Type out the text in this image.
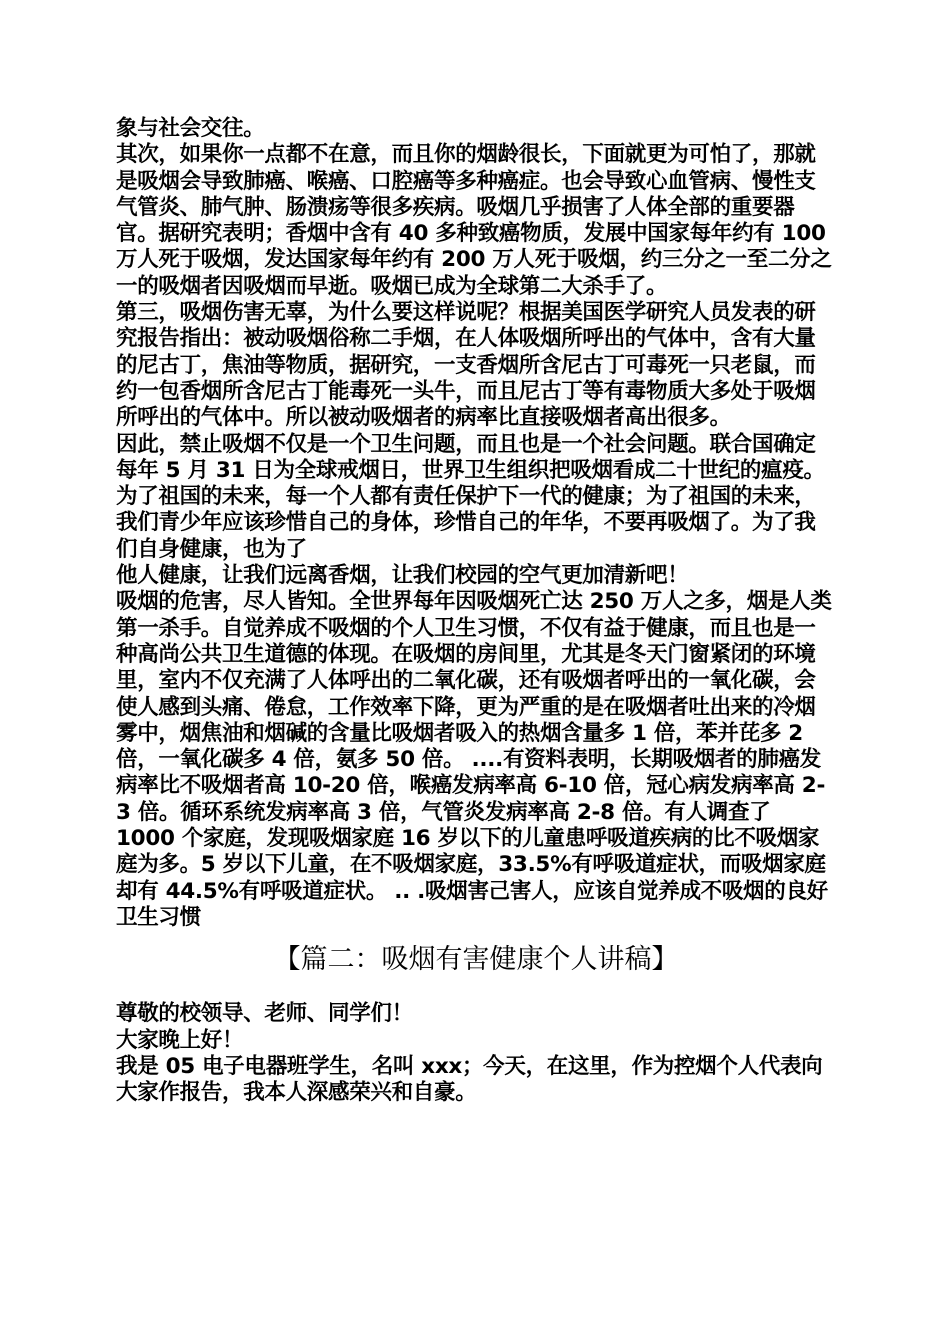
象与社会交往。

其次，如果你一点都不在意，而且你的烟龄很长，下面就更为可怕了，那就是吸烟会导致肺癌、喉癌、口腔癌等多种癌症。也会导致心血管病、慢性支气管炎、肺气肿、肠溃疡等很多疾病。吸烟几乎损害了人体全部的重要器官。据研究表明；香烟中含有 40 多种致癌物质，发展中国家每年约有 100 万人死于吸烟，发达国家每年约有 200 万人死于吸烟，约三分之一至二分之一的吸烟者因吸烟而早逝。吸烟已成为全球第二大杀手了。

第三，吸烟伤害无辜，为什么要这样说呢？根据美国医学研究人员发表的研究报告指出：被动吸烟俗称二手烟，在人体吸烟所呼出的气体中，含有大量的尼古丁，焦油等物质，据研究，一支香烟所含尼古丁可毒死一只老鼠，而约一包香烟所含尼古丁能毒死一头牛，而且尼古丁等有毒物质大多处于吸烟所呼出的气体中。所以被动吸烟者的病率比直接吸烟者高出很多。

因此，禁止吸烟不仅是一个卫生问题，而且也是一个社会问题。联合国确定每年 5 月 31 日为全球戒烟日，世界卫生组织把吸烟看成二十世纪的瘟疫。为了祖国的未来，每一个人都有责任保护下一代的健康；为了祖国的未来，我们青少年应该珍惜自己的身体，珍惜自己的年华，不要再吸烟了。为了我们自身健康，也为了

他人健康，让我们远离香烟，让我们校园的空气更加清新吧！

吸烟的危害，尽人皆知。全世界每年因吸烟死亡达 250 万人之多，烟是人类第一杀手。自觉养成不吸烟的个人卫生习惯，不仅有益于健康，而且也是一种高尚公共卫生道德的体现。在吸烟的房间里，尤其是冬天门窗紧闭的环境里，室内不仅充满了人体呼出的二氧化碳，还有吸烟者呼出的一氧化碳，会使人感到头痛、倦怠，工作效率下降，更为严重的是在吸烟者吐出来的冷烟雾中，烟焦油和烟碱的含量比吸烟者吸入的热烟含量多 1 倍，苯并芘多 2 倍，一氧化碳多 4 倍，氨多 50 倍。 ....有资料表明，长期吸烟者的肺癌发病率比不吸烟者高 10-20 倍，喉癌发病率高 6-10 倍，冠心病发病率高 2-3 倍。循环系统发病率高 3 倍，气管炎发病率高 2-8 倍。有人调查了 1000 个家庭，发现吸烟家庭 16 岁以下的儿童患呼吸道疾病的比不吸烟家庭为多。5 岁以下儿童，在不吸烟家庭，33.5%有呼吸道症状，而吸烟家庭却有 44.5%有呼吸道症状。 .. .吸烟害己害人，应该自觉养成不吸烟的良好卫生习惯

【篇二：吸烟有害健康个人讲稿】

尊敬的校领导、老师、同学们！

大家晚上好！

我是 05 电子电器班学生，名叫 xxx；今天，在这里，作为控烟个人代表向大家作报告，我本人深感荣兴和自豪。
